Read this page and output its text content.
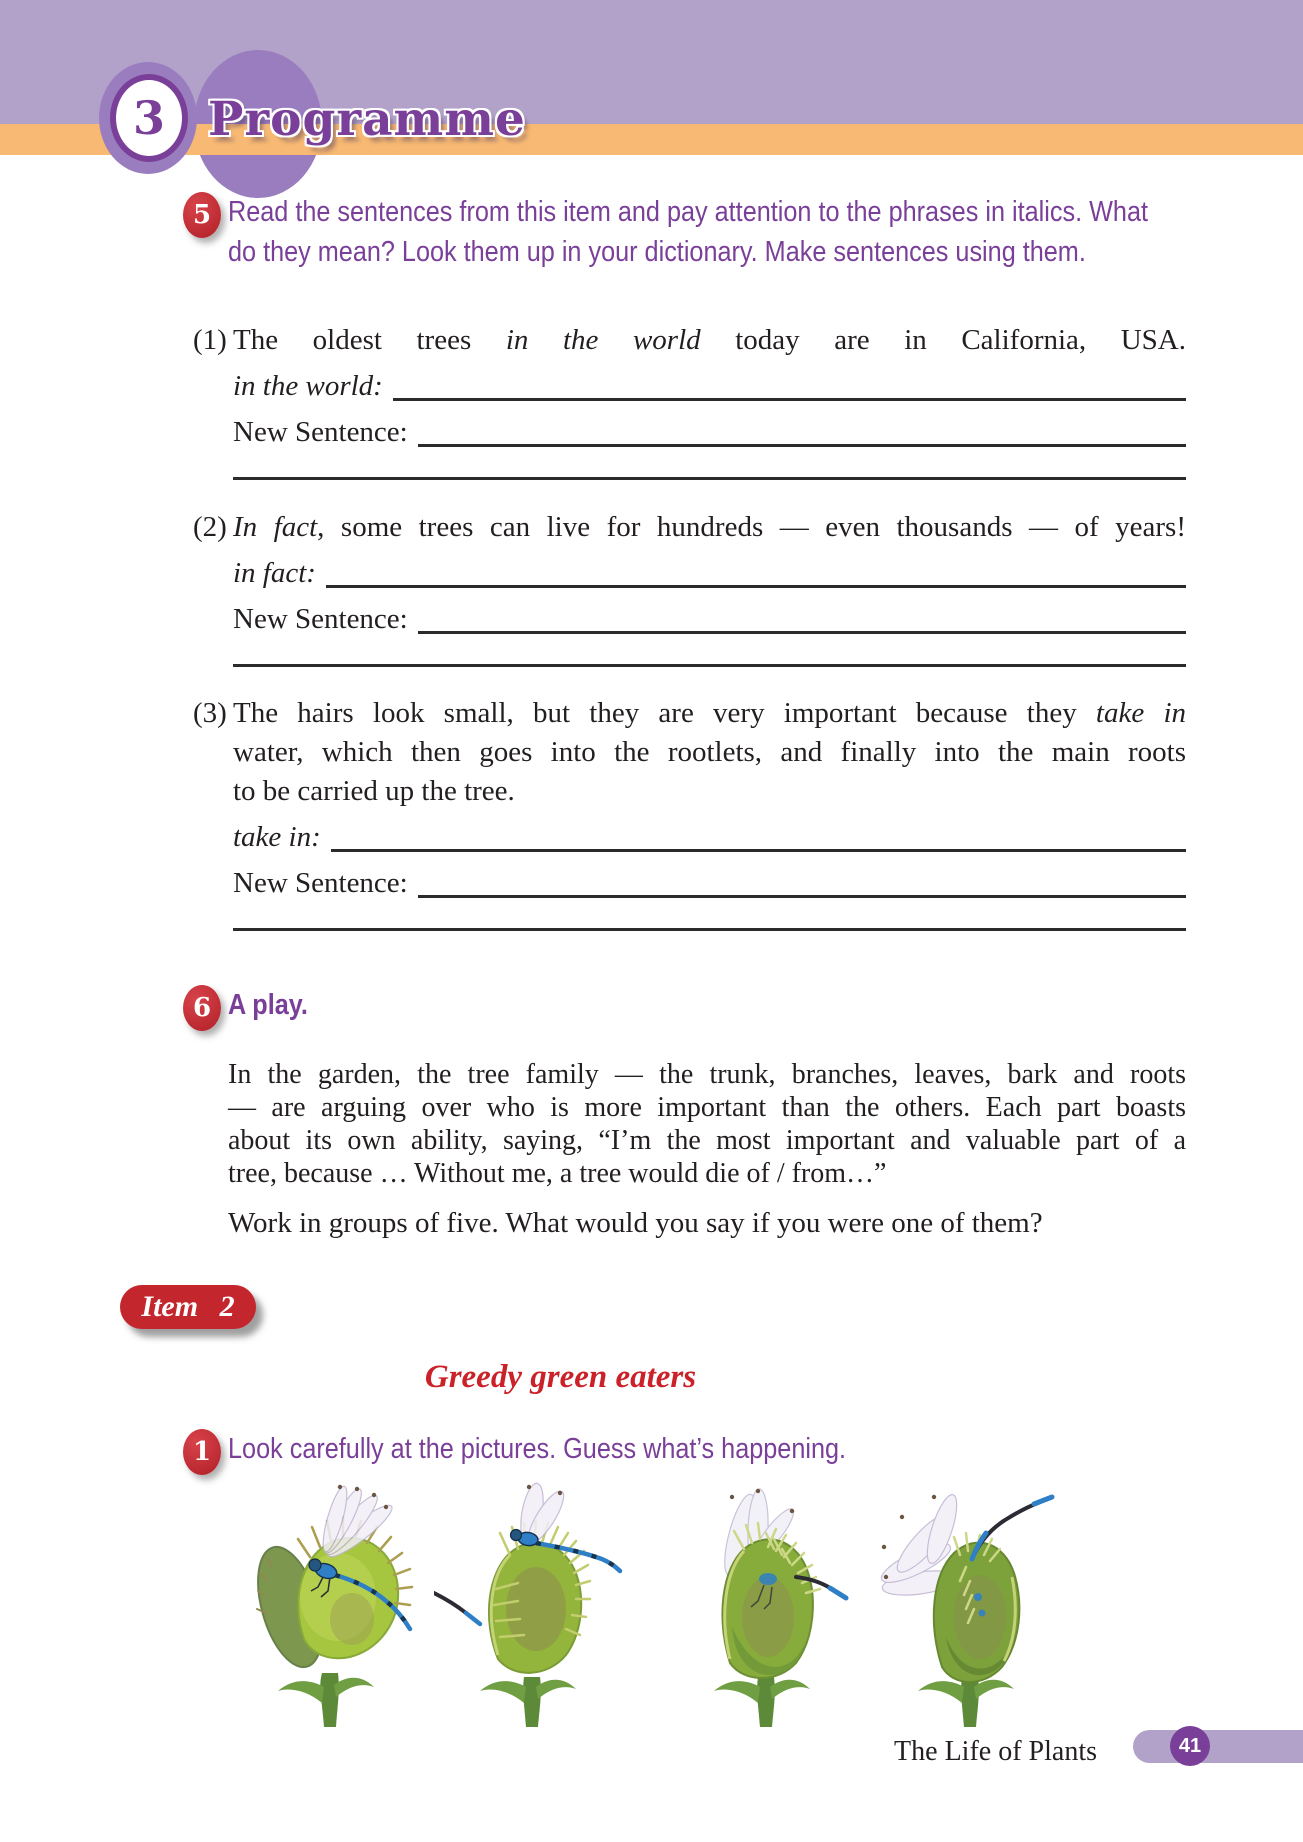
3 Programme
5 Read the sentences from this item and pay attention to the phrases in italics. What
do they mean? Look them up in your dictionary. Make sentences using them.
(1) The oldest trees in the world today are in California, USA.
in the world:
New Sentence:
(2) In fact, some trees can live for hundreds — even thousands — of years!
in fact:
New Sentence:
(3) The hairs look small, but they are very important because they take in
water, which then goes into the rootlets, and finally into the main roots
to be carried up the tree.
take in:
New Sentence:
6 A play.
In the garden, the tree family — the trunk, branches, leaves, bark and roots
— are arguing over who is more important than the others. Each part boasts
about its own ability, saying, “I’m the most important and valuable part of a
tree, because … Without me, a tree would die of / from…”
Work in groups of five. What would you say if you were one of them?
Item 2
Greedy green eaters
1 Look carefully at the pictures. Guess what’s happening.
The Life of Plants	41
